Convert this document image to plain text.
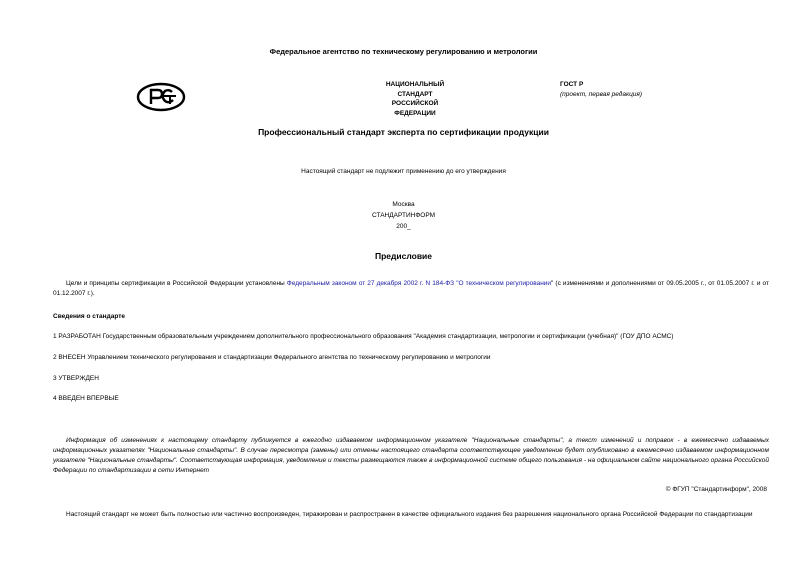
Федеральное агентство по техническому регулированию и метрологии
НАЦИОНАЛЬНЫЙ
СТАНДАРТ
РОССИЙСКОЙ
ФЕДЕРАЦИИ
ГОСТ Р
(проект, первая редакция)
Профессиональный стандарт эксперта по сертификации продукции
Настоящий стандарт не подлежит применению до его утверждения
Москва
СТАНДАРТИНФОРМ
200_
Предисловие
Цели и принципы сертификации в Российской Федерации установлены Федеральным законом от 27 декабря 2002 г. N 184-ФЗ "О техническом регулировании" (с изменениями и дополнениями от 09.05.2005 г., от 01.05.2007 г. и от 01.12.2007 г.).
Сведения о стандарте
1 РАЗРАБОТАН Государственным образовательным учреждением дополнительного профессионального образования "Академия стандартизации, метрологии и сертификации (учебная)" (ГОУ ДПО АСМС)
2 ВНЕСЕН Управлением технического регулирования и стандартизации Федерального агентства по техническому регулированию и метрологии
3 УТВЕРЖДЕН
4 ВВЕДЕН ВПЕРВЫЕ
Информация об изменениях к настоящему стандарту публикуется в ежегодно издаваемом информационном указателе "Национальные стандарты", а текст изменений и поправок - в ежемесячно издаваемых информационных указателях "Национальные стандарты". В случае пересмотра (замены) или отмены настоящего стандарта соответствующее уведомление будет опубликовано в ежемесячно издаваемом информационном указателе "Национальные стандарты". Соответствующая информация, уведомление и тексты размещаются также в информационной системе общего пользования - на официальном сайте национального органа Российской Федерации по стандартизации в сети Интернет
© ФГУП "Стандартинформ", 2008
Настоящий стандарт не может быть полностью или частично воспроизведен, тиражирован и распространен в качестве официального издания без разрешения национального органа Российской Федерации по стандартизации
